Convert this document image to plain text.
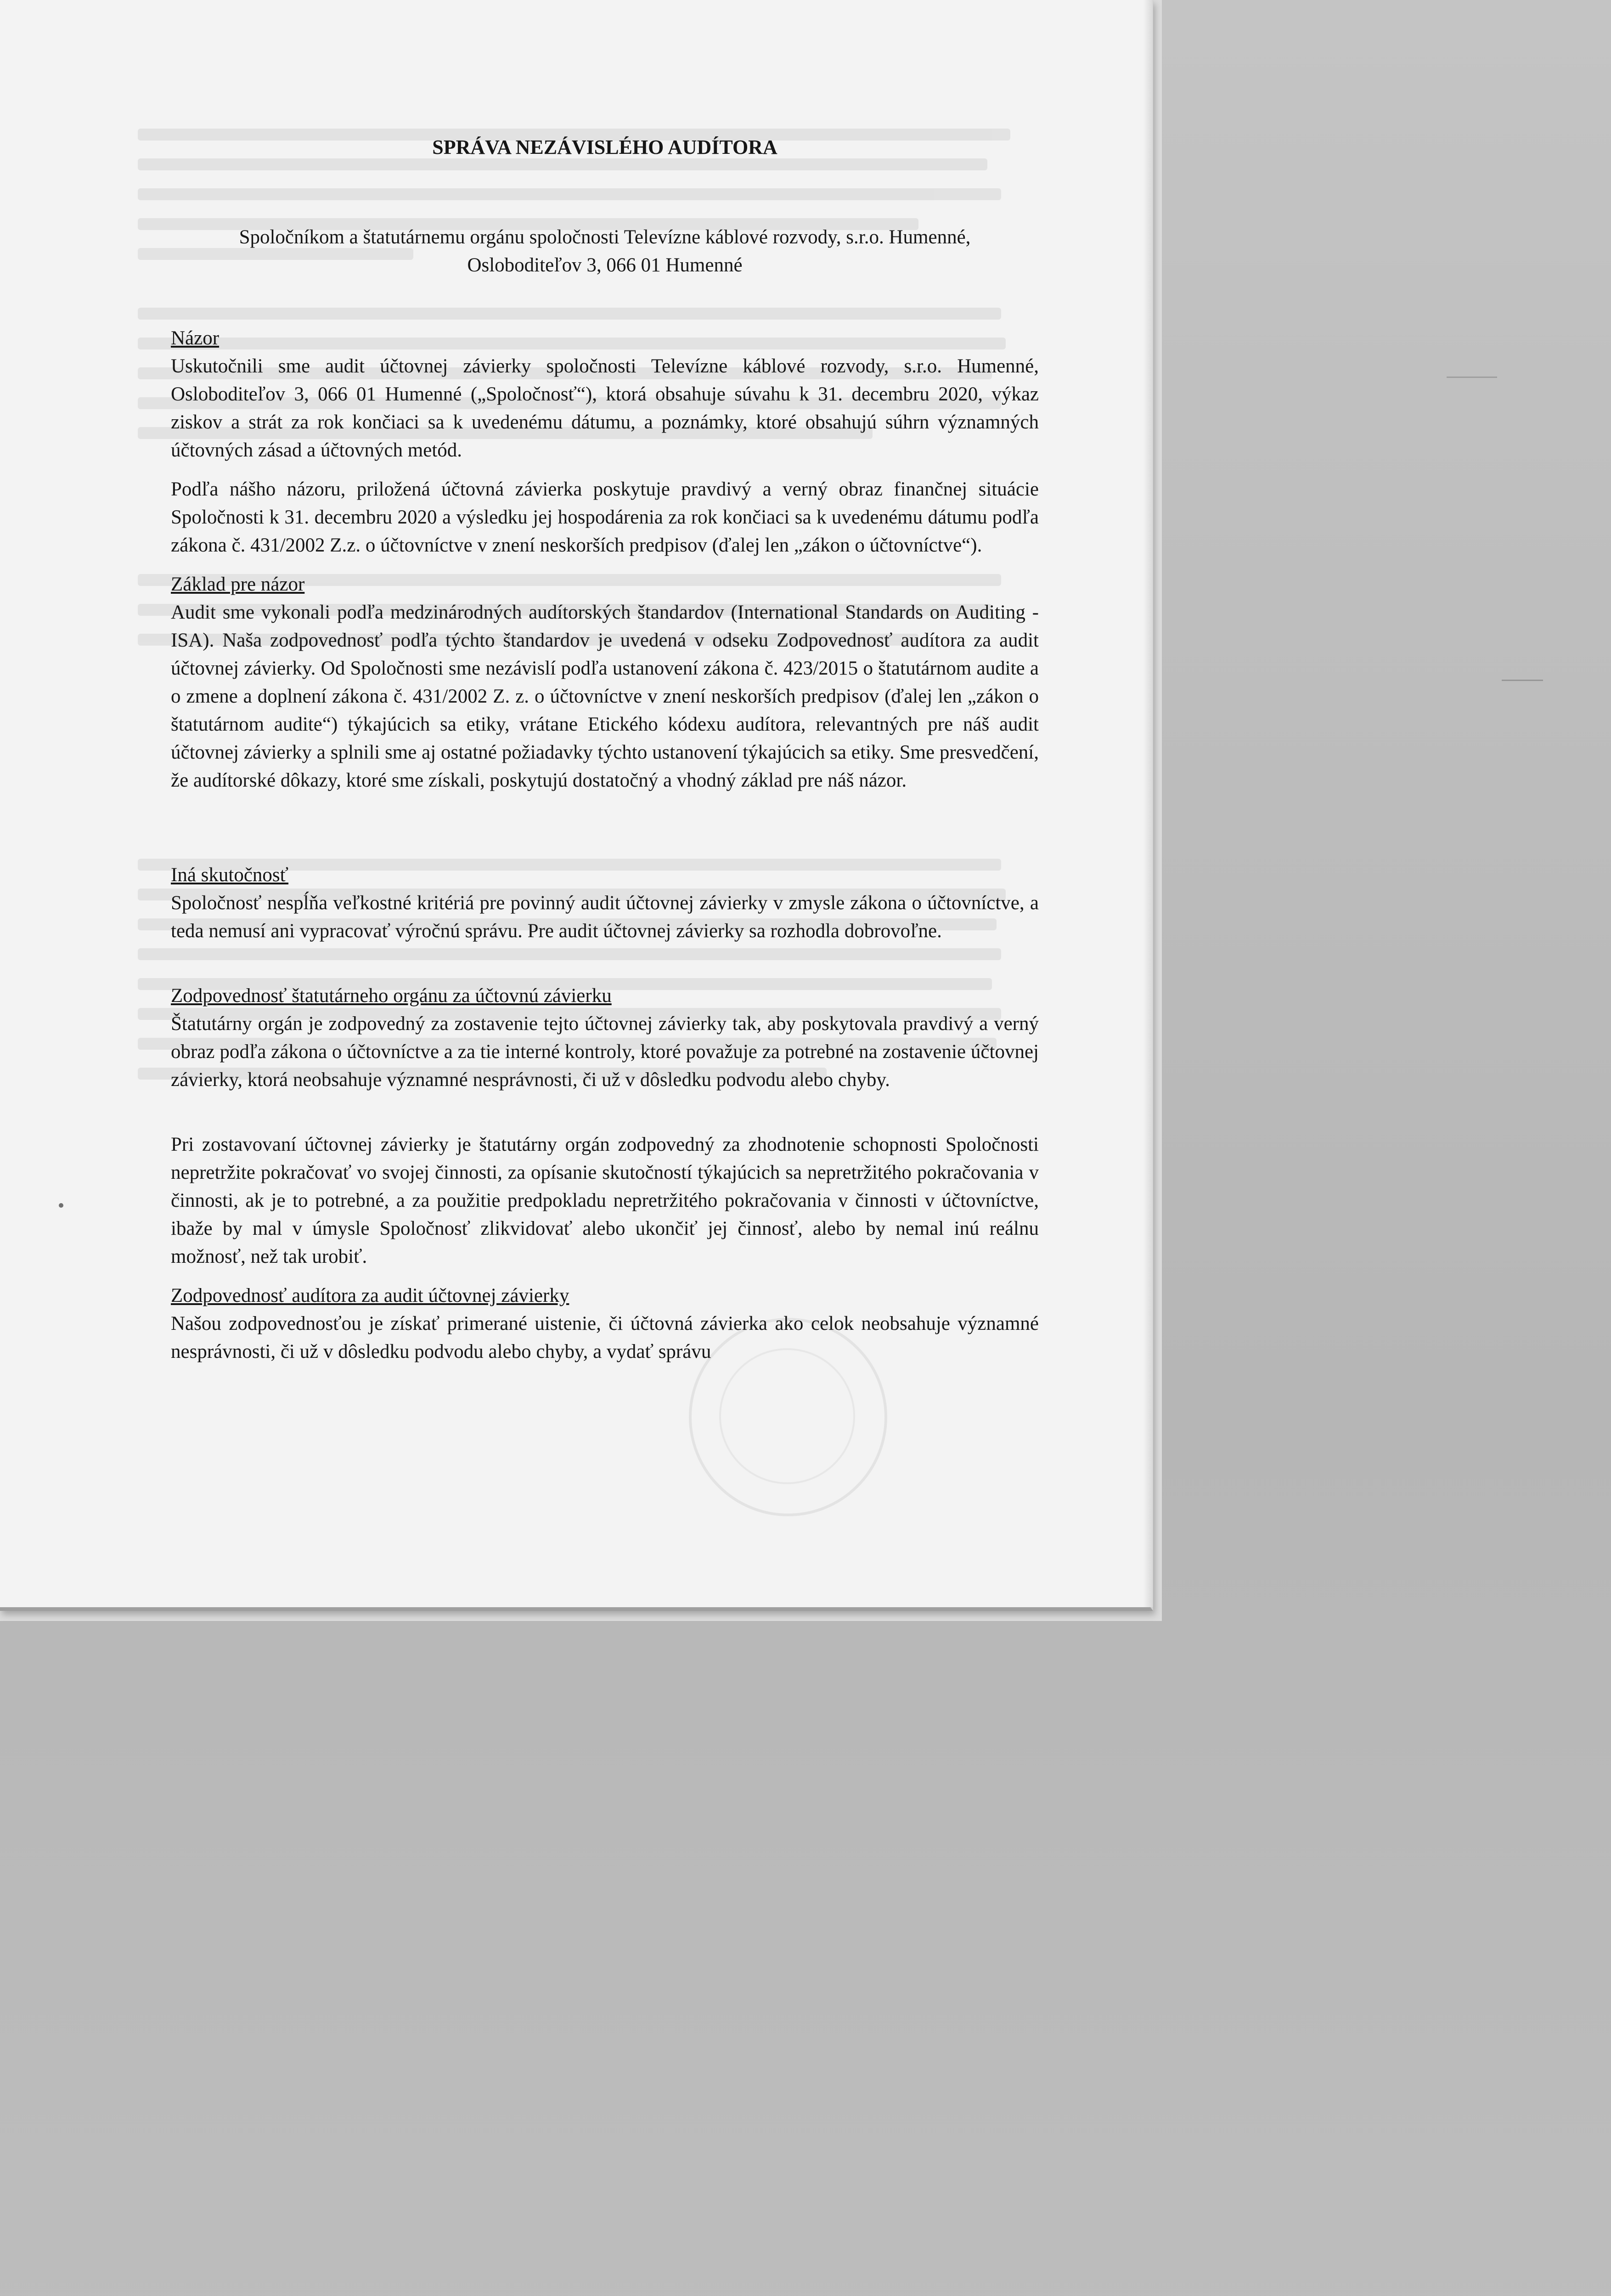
SPRÁVA NEZÁVISLÉHO AUDÍTORA
Spoločníkom a štatutárnemu orgánu spoločnosti Televízne káblové rozvody, s.r.o. Humenné,
Osloboditeľov 3, 066 01 Humenné
Názor

Uskutočnili sme audit účtovnej závierky spoločnosti Televízne káblové rozvody, s.r.o. Humenné, Osloboditeľov 3, 066 01 Humenné („Spoločnosť“), ktorá obsahuje súvahu k 31. decembru 2020, výkaz ziskov a strát za rok končiaci sa k uvedenému dátumu, a poznámky, ktoré obsahujú súhrn významných účtovných zásad a účtovných metód.

Podľa nášho názoru, priložená účtovná závierka poskytuje pravdivý a verný obraz finančnej situácie Spoločnosti k 31. decembru 2020 a výsledku jej hospodárenia za rok končiaci sa k uvedenému dátumu podľa zákona č. 431/2002 Z.z. o účtovníctve v znení neskorších predpisov (ďalej len „zákon o účtovníctve“).

Základ pre názor

Audit sme vykonali podľa medzinárodných audítorských štandardov (International Standards on Auditing - ISA). Naša zodpovednosť podľa týchto štandardov je uvedená v odseku Zodpovednosť audítora za audit účtovnej závierky. Od Spoločnosti sme nezávislí podľa ustanovení zákona č. 423/2015 o štatutárnom audite a o zmene a doplnení zákona č. 431/2002 Z. z. o účtovníctve v znení neskorších predpisov (ďalej len „zákon o štatutárnom audite“) týkajúcich sa etiky, vrátane Etického kódexu audítora, relevantných pre náš audit účtovnej závierky a splnili sme aj ostatné požiadavky týchto ustanovení týkajúcich sa etiky. Sme presvedčení, že audítorské dôkazy, ktoré sme získali, poskytujú dostatočný a vhodný základ pre náš názor.

Iná skutočnosť

Spoločnosť nespĺňa veľkostné kritériá pre povinný audit účtovnej závierky v zmysle zákona o účtovníctve, a teda nemusí ani vypracovať výročnú správu. Pre audit účtovnej závierky sa rozhodla dobrovoľne.

Zodpovednosť štatutárneho orgánu za účtovnú závierku

Štatutárny orgán je zodpovedný za zostavenie tejto účtovnej závierky tak, aby poskytovala pravdivý a verný obraz podľa zákona o účtovníctve a za tie interné kontroly, ktoré považuje za potrebné na zostavenie účtovnej závierky, ktorá neobsahuje významné nesprávnosti, či už v dôsledku podvodu alebo chyby.

Pri zostavovaní účtovnej závierky je štatutárny orgán zodpovedný za zhodnotenie schopnosti Spoločnosti nepretržite pokračovať vo svojej činnosti, za opísanie skutočností týkajúcich sa nepretržitého pokračovania v činnosti, ak je to potrebné, a za použitie predpokladu nepretržitého pokračovania v činnosti v účtovníctve, ibaže by mal v úmysle Spoločnosť zlikvidovať alebo ukončiť jej činnosť, alebo by nemal inú reálnu možnosť, než tak urobiť.

Zodpovednosť audítora za audit účtovnej závierky

Našou zodpovednosťou je získať primerané uistenie, či účtovná závierka ako celok neobsahuje významné nesprávnosti, či už v dôsledku podvodu alebo chyby, a vydať správu
